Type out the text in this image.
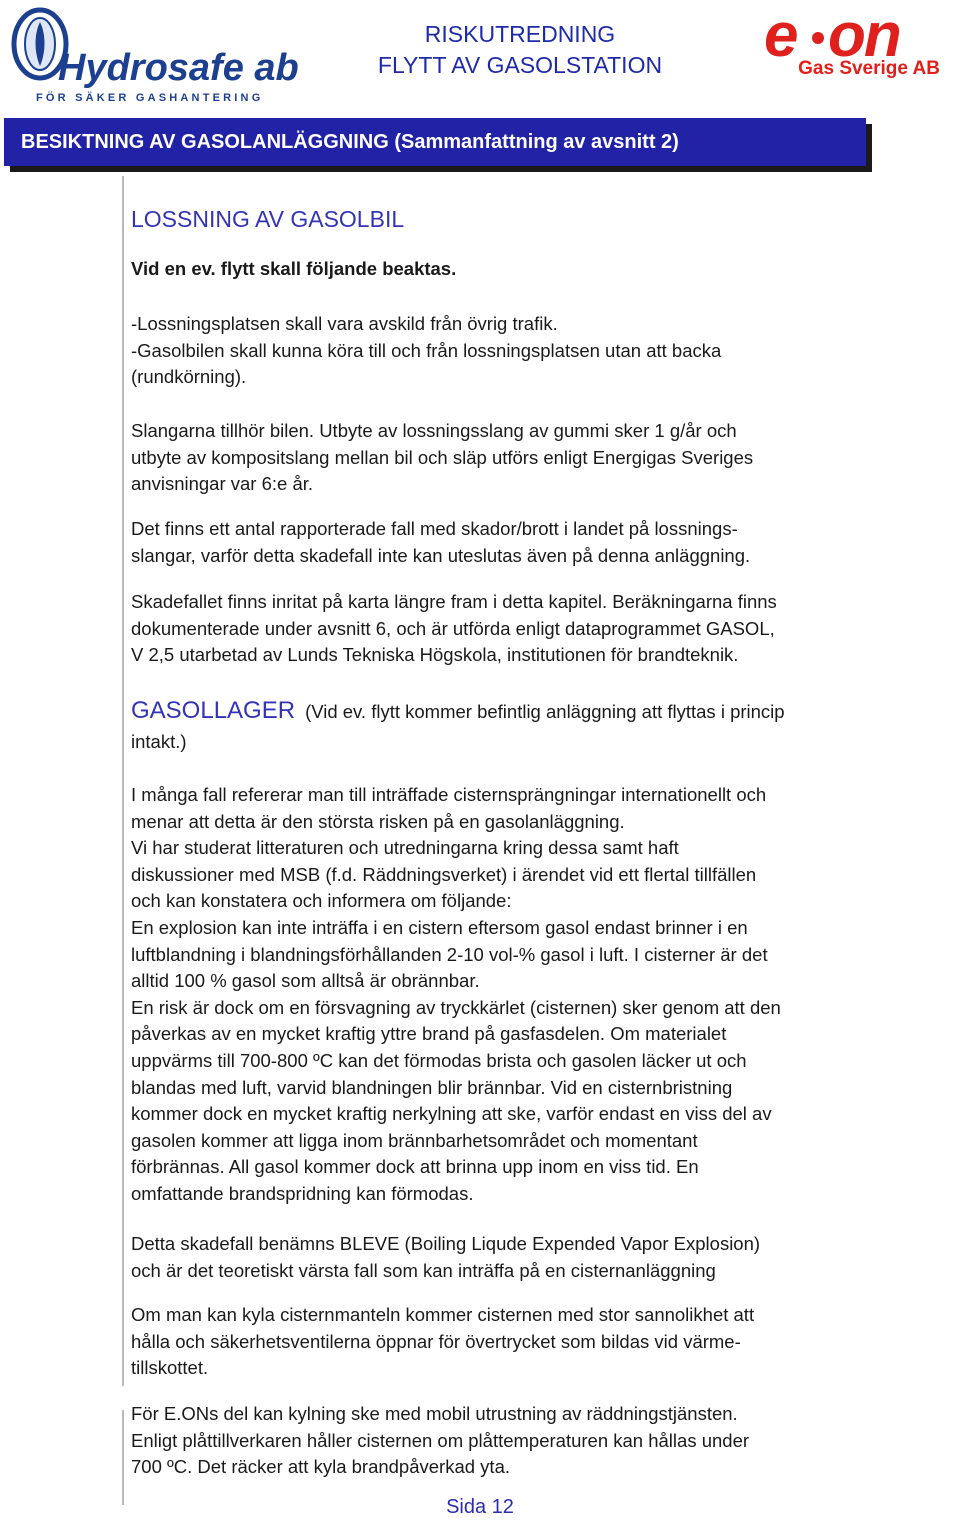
Hydrosafe ab
FÖR SÄKER GASHANTERING
RISKUTREDNING
FLYTT AV GASOLSTATION	e on
Gas Sverige AB
BESIKTNING AV GASOLANLÄGGNING (Sammanfattning av avsnitt 2)
LOSSNING AV GASOLBIL
Vid en ev. flytt skall följande beaktas.
-Lossningsplatsen skall vara avskild från övrig trafik.
-Gasolbilen skall kunna köra till och från lossningsplatsen utan att backa
(rundkörning).
Slangarna tillhör bilen. Utbyte av lossningsslang av gummi sker 1 g/år och
utbyte av kompositslang mellan bil och släp utförs enligt Energigas Sveriges
anvisningar var 6:e år.
Det finns ett antal rapporterade fall med skador/brott i landet på lossnings-
slangar, varför detta skadefall inte kan uteslutas även på denna anläggning.
Skadefallet finns inritat på karta längre fram i detta kapitel. Beräkningarna finns
dokumenterade under avsnitt 6, och är utförda enligt dataprogrammet GASOL,
V 2,5 utarbetad av Lunds Tekniska Högskola, institutionen för brandteknik.
GASOLLAGER (Vid ev. flytt kommer befintlig anläggning att flyttas i princip
intakt.)
I många fall refererar man till inträffade cisternsprängningar internationellt och
menar att detta är den största risken på en gasolanläggning.
Vi har studerat litteraturen och utredningarna kring dessa samt haft
diskussioner med MSB (f.d. Räddningsverket) i ärendet vid ett flertal tillfällen
och kan konstatera och informera om följande:
En explosion kan inte inträffa i en cistern eftersom gasol endast brinner i en
luftblandning i blandningsförhållanden 2-10 vol-% gasol i luft. I cisterner är det
alltid 100 % gasol som alltså är obrännbar.
En risk är dock om en försvagning av tryckkärlet (cisternen) sker genom att den
påverkas av en mycket kraftig yttre brand på gasfasdelen. Om materialet
uppvärms till 700-800 ºC kan det förmodas brista och gasolen läcker ut och
blandas med luft, varvid blandningen blir brännbar. Vid en cisternbristning
kommer dock en mycket kraftig nerkylning att ske, varför endast en viss del av
gasolen kommer att ligga inom brännbarhetsområdet och momentant
förbrännas. All gasol kommer dock att brinna upp inom en viss tid. En
omfattande brandspridning kan förmodas.
Detta skadefall benämns BLEVE (Boiling Liqude Expended Vapor Explosion)
och är det teoretiskt värsta fall som kan inträffa på en cisternanläggning
Om man kan kyla cisternmanteln kommer cisternen med stor sannolikhet att
hålla och säkerhetsventilerna öppnar för övertrycket som bildas vid värme-
tillskottet.
För E.ONs del kan kylning ske med mobil utrustning av räddningstjänsten.
Enligt plåttillverkaren håller cisternen om plåttemperaturen kan hållas under
700 ºC. Det räcker att kyla brandpåverkad yta.
Sida 12
